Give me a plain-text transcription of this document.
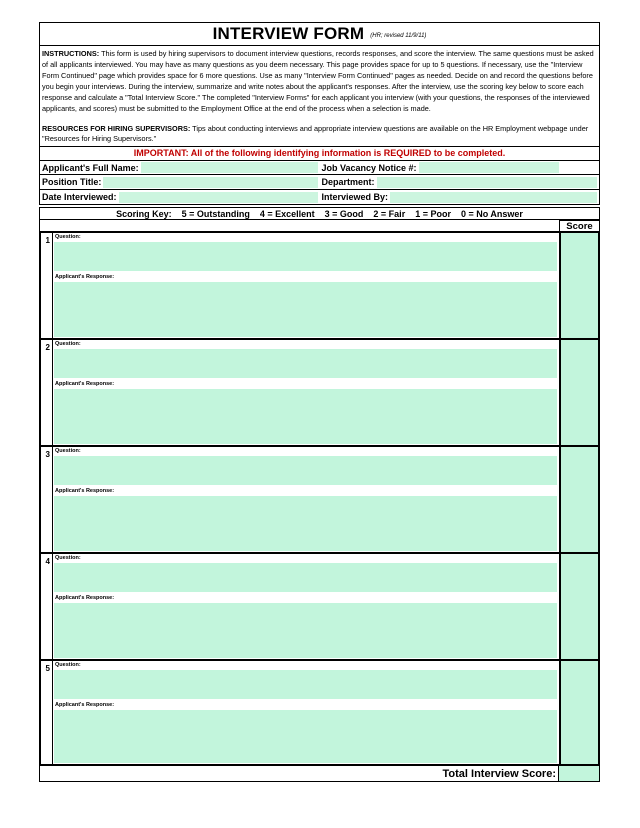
INTERVIEW FORM (HR; revised 11/9/11)
INSTRUCTIONS: This form is used by hiring supervisors to document interview questions, records responses, and score the interview. The same questions must be asked of all applicants interviewed. You may have as many questions as you deem necessary. This page provides space for up to 5 questions. If necessary, use the "Interview Form Continued" page which provides space for 6 more questions. Use as many "Interview Form Continued" pages as needed. Decide on and record the questions before you begin your interviews. During the interview, summarize and write notes about the applicant's responses. After the interview, use the scoring key below to score each response and calculate a "Total Interview Score." The completed "Interview Forms" for each applicant you interview (with your questions, the responses of the interviewed applicants, and scores) must be submitted to the Employment Office at the end of the process when a selection is made.
RESOURCES FOR HIRING SUPERVISORS: Tips about conducting interviews and appropriate interview questions are available on the HR Employment webpage under "Resources for Hiring Supervisors."
IMPORTANT: All of the following identifying information is REQUIRED to be completed.
Applicant's Full Name:	Job Vacancy Notice #:
Position Title:	Department:
Date Interviewed:	Interviewed By:
Scoring Key: 5 = Outstanding 4 = Excellent 3 = Good 2 = Fair 1 = Poor 0 = No Answer
Score
1 Question:
Applicant's Response:
2 Question:
Applicant's Response:
3 Question:
Applicant's Response:
4 Question:
Applicant's Response:
5 Question:
Applicant's Response:
Total Interview Score:
